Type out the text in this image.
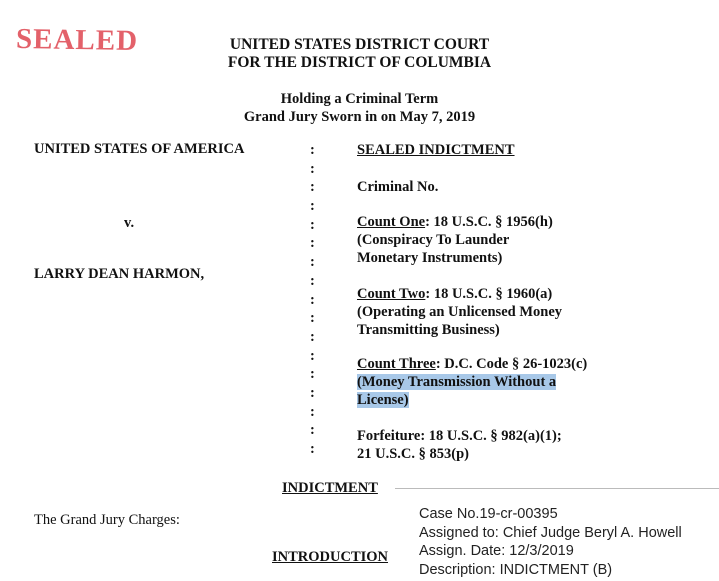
SEALED	UNITED STATES DISTRICT COURT
FOR THE DISTRICT OF COLUMBIA
Holding a Criminal Term
Grand Jury Sworn in on May 7, 2019
UNITED STATES OF AMERICA
v.
LARRY DEAN HARMON,
:
:
:
:
:
:
:
:
:
:
:
:
:
:
:
:
:
SEALED INDICTMENT
Criminal No.
Count One: 18 U.S.C. § 1956(h)
(Conspiracy To Launder
Monetary Instruments)
Count Two: 18 U.S.C. § 1960(a)
(Operating an Unlicensed Money
Transmitting Business)
Count Three: D.C. Code § 26-1023(c)
(Money Transmission Without a
License)
Forfeiture: 18 U.S.C. § 982(a)(1);
21 U.S.C. § 853(p)
INDICTMENT
The Grand Jury Charges:
INTRODUCTION
Case No.19-cr-00395
Assigned to: Chief Judge Beryl A. Howell
Assign. Date: 12/3/2019
Description: INDICTMENT (B)
